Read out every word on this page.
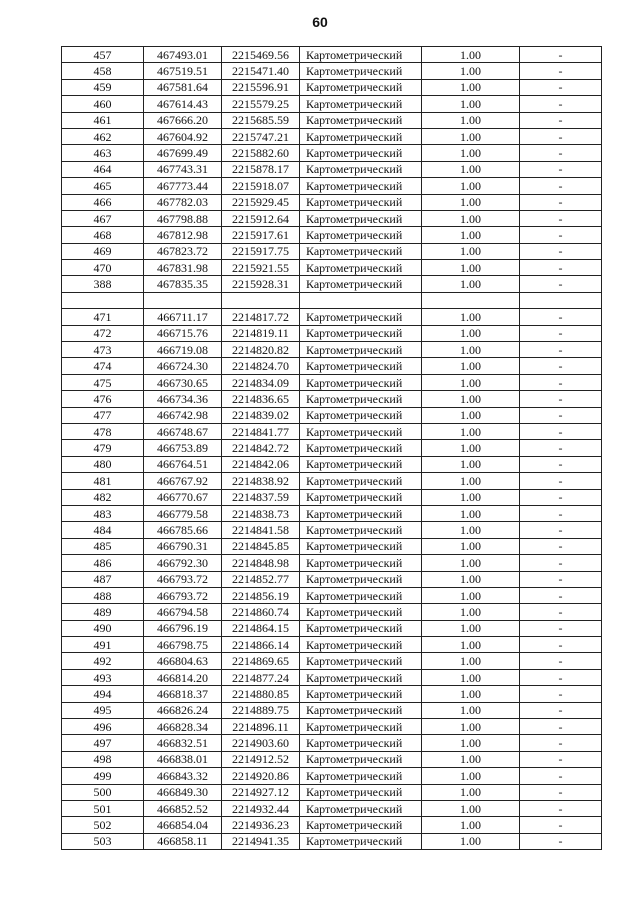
60
457	467493.01	2215469.56	Картометрический	1.00	-
458	467519.51	2215471.40	Картометрический	1.00	-
459	467581.64	2215596.91	Картометрический	1.00	-
460	467614.43	2215579.25	Картометрический	1.00	-
461	467666.20	2215685.59	Картометрический	1.00	-
462	467604.92	2215747.21	Картометрический	1.00	-
463	467699.49	2215882.60	Картометрический	1.00	-
464	467743.31	2215878.17	Картометрический	1.00	-
465	467773.44	2215918.07	Картометрический	1.00	-
466	467782.03	2215929.45	Картометрический	1.00	-
467	467798.88	2215912.64	Картометрический	1.00	-
468	467812.98	2215917.61	Картометрический	1.00	-
469	467823.72	2215917.75	Картометрический	1.00	-
470	467831.98	2215921.55	Картометрический	1.00	-
388	467835.35	2215928.31	Картометрический	1.00	-

471	466711.17	2214817.72	Картометрический	1.00	-
472	466715.76	2214819.11	Картометрический	1.00	-
473	466719.08	2214820.82	Картометрический	1.00	-
474	466724.30	2214824.70	Картометрический	1.00	-
475	466730.65	2214834.09	Картометрический	1.00	-
476	466734.36	2214836.65	Картометрический	1.00	-
477	466742.98	2214839.02	Картометрический	1.00	-
478	466748.67	2214841.77	Картометрический	1.00	-
479	466753.89	2214842.72	Картометрический	1.00	-
480	466764.51	2214842.06	Картометрический	1.00	-
481	466767.92	2214838.92	Картометрический	1.00	-
482	466770.67	2214837.59	Картометрический	1.00	-
483	466779.58	2214838.73	Картометрический	1.00	-
484	466785.66	2214841.58	Картометрический	1.00	-
485	466790.31	2214845.85	Картометрический	1.00	-
486	466792.30	2214848.98	Картометрический	1.00	-
487	466793.72	2214852.77	Картометрический	1.00	-
488	466793.72	2214856.19	Картометрический	1.00	-
489	466794.58	2214860.74	Картометрический	1.00	-
490	466796.19	2214864.15	Картометрический	1.00	-
491	466798.75	2214866.14	Картометрический	1.00	-
492	466804.63	2214869.65	Картометрический	1.00	-
493	466814.20	2214877.24	Картометрический	1.00	-
494	466818.37	2214880.85	Картометрический	1.00	-
495	466826.24	2214889.75	Картометрический	1.00	-
496	466828.34	2214896.11	Картометрический	1.00	-
497	466832.51	2214903.60	Картометрический	1.00	-
498	466838.01	2214912.52	Картометрический	1.00	-
499	466843.32	2214920.86	Картометрический	1.00	-
500	466849.30	2214927.12	Картометрический	1.00	-
501	466852.52	2214932.44	Картометрический	1.00	-
502	466854.04	2214936.23	Картометрический	1.00	-
503	466858.11	2214941.35	Картометрический	1.00	-
